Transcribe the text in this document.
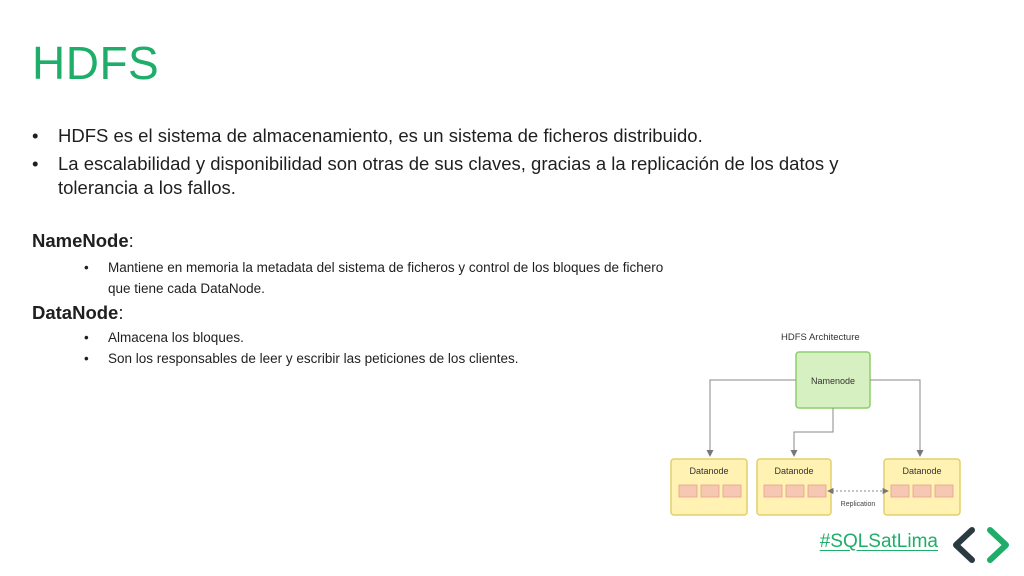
HDFS
• HDFS es el sistema de almacenamiento, es un sistema de ficheros distribuido.
• La escalabilidad y disponibilidad son otras de sus claves, gracias a la replicación de los datos y tolerancia a los fallos.
NameNode:
• Mantiene en memoria la metadata del sistema de ficheros y control de los bloques de fichero que tiene cada DataNode.
DataNode:
• Almacena los bloques.
• Son los responsables de leer y escribir las peticiones de los clientes.
HDFS Architecture
Namenode
Datanode	Datanode	Datanode
Replication
#SQLSatLima
